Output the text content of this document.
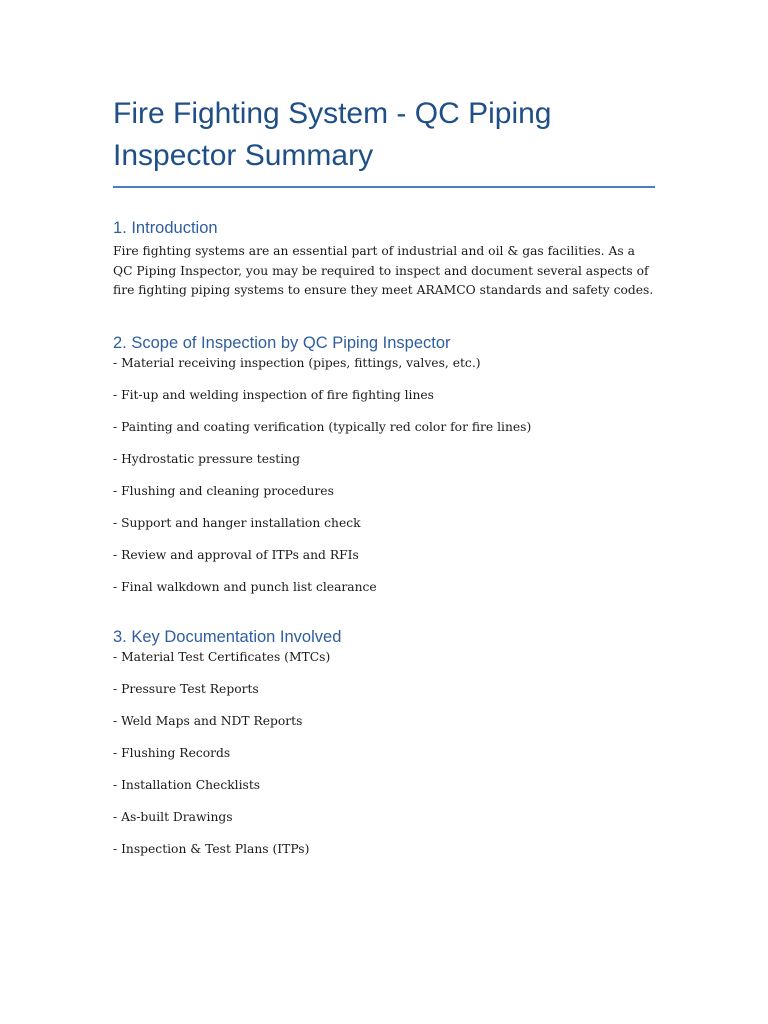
Fire Fighting System - QC Piping Inspector Summary
1. Introduction

Fire fighting systems are an essential part of industrial and oil & gas facilities. As a QC Piping Inspector, you may be required to inspect and document several aspects of fire fighting piping systems to ensure they meet ARAMCO standards and safety codes.

2. Scope of Inspection by QC Piping Inspector
- Material receiving inspection (pipes, fittings, valves, etc.)
- Fit-up and welding inspection of fire fighting lines
- Painting and coating verification (typically red color for fire lines)
- Hydrostatic pressure testing
- Flushing and cleaning procedures
- Support and hanger installation check
- Review and approval of ITPs and RFIs
- Final walkdown and punch list clearance
3. Key Documentation Involved
- Material Test Certificates (MTCs)
- Pressure Test Reports
- Weld Maps and NDT Reports
- Flushing Records
- Installation Checklists
- As-built Drawings
- Inspection & Test Plans (ITPs)
